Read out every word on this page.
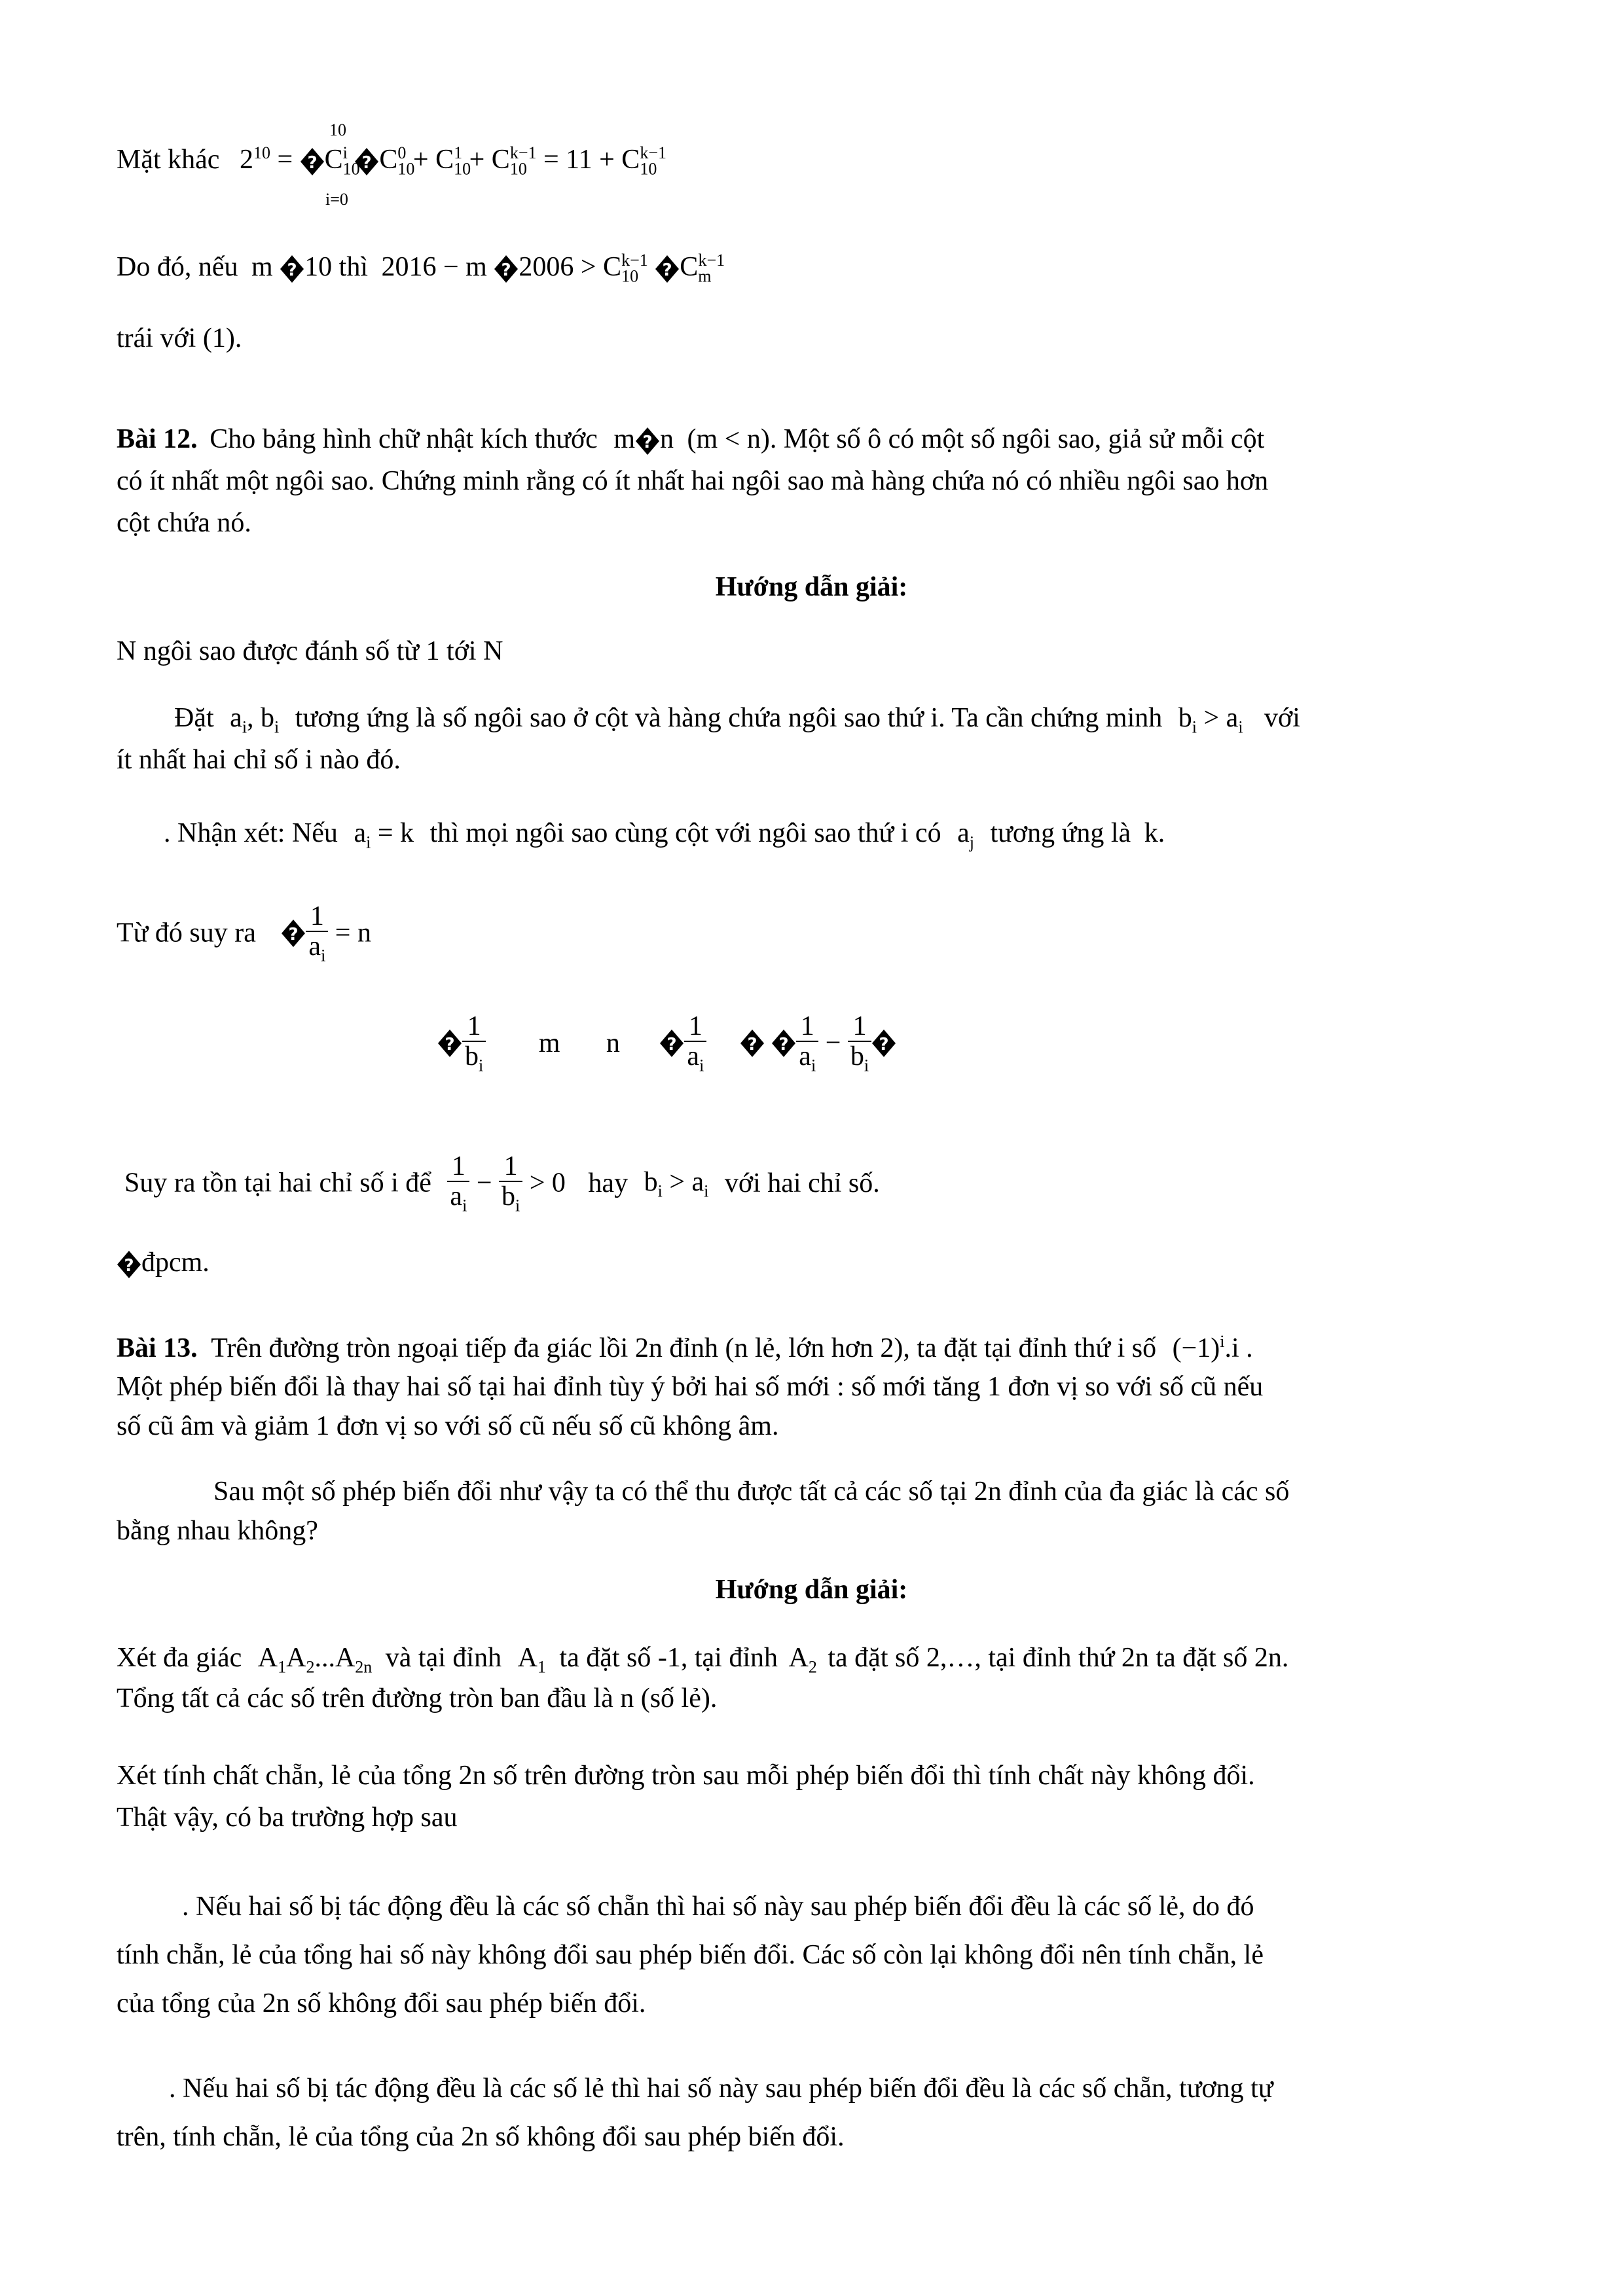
Mặt khác $2^{10}$ =
$C_{10}^i$ $C_{10}^0 + C_{10}^1 + C_{10}^{k-1} = 11 + C_{10}^{k-1}$
10
i=0
Do đó, nếu m 10 thì 2016 − m $2006 > C_{10}^{k-1}$ $C_m^{k-1}$
trái với (1).
Bài 12. Cho bảng hình chữ nhật kích thước m n (m < n). Một số ô có một số ngôi sao, giả sử mỗi cột
có ít nhất một ngôi sao. Chứng minh rằng có ít nhất hai ngôi sao mà hàng chứa nó có nhiều ngôi sao hơn
cột chứa nó.
Hướng dẫn giải:
N ngôi sao được đánh số từ 1 tới N
Đặt $a_i$, $b_i$ tương ứng là số ngôi sao ở cột và hàng chứa ngôi sao thứ i. Ta cần chứng minh $b_i > a_i$ với
ít nhất hai chỉ số i nào đó.
. Nhận xét: Nếu $a_i = k$ thì mọi ngôi sao cùng cột với ngôi sao thứ i có $a_j$ tương ứng là k.
Từ đó suy ra $\frac{1}{a_i} = n$
$\frac{1}{b_i}$ m n $\frac{1}{a_i}$

	$\frac{1}{a_i} - \frac{1}{b_i}$
Suy ra tồn tại hai chỉ số i để $\frac{1}{a_i} - \frac{1}{b_i} > 0$ hay $b_i > a_i$ với hai chỉ số.
đpcm.
Bài 13. Trên đường tròn ngoại tiếp đa giác lồi 2n đỉnh (n lẻ, lớn hơn 2), ta đặt tại đỉnh thứ i số $(-1)^i.i$ .
Một phép biến đổi là thay hai số tại hai đỉnh tùy ý bởi hai số mới : số mới tăng 1 đơn vị so với số cũ nếu
số cũ âm và giảm 1 đơn vị so với số cũ nếu số cũ không âm.
Sau một số phép biến đổi như vậy ta có thể thu được tất cả các số tại 2n đỉnh của đa giác là các số
bằng nhau không?
Hướng dẫn giải:
Xét đa giác $A_1A_2...A_{2n}$ và tại đỉnh $A_1$ ta đặt số -1, tại đỉnh $A_2$ ta đặt số 2,…, tại đỉnh thứ 2n ta đặt số 2n.
Tổng tất cả các số trên đường tròn ban đầu là n (số lẻ).
Xét tính chất chẵn, lẻ của tổng 2n số trên đường tròn sau mỗi phép biến đổi thì tính chất này không đổi.
Thật vậy, có ba trường hợp sau
. Nếu hai số bị tác động đều là các số chẵn thì hai số này sau phép biến đổi đều là các số lẻ, do đó
tính chẵn, lẻ của tổng hai số này không đổi sau phép biến đổi. Các số còn lại không đổi nên tính chẵn, lẻ
của tổng của 2n số không đổi sau phép biến đổi.
. Nếu hai số bị tác động đều là các số lẻ thì hai số này sau phép biến đổi đều là các số chẵn, tương tự
trên, tính chẵn, lẻ của tổng của 2n số không đổi sau phép biến đổi.
